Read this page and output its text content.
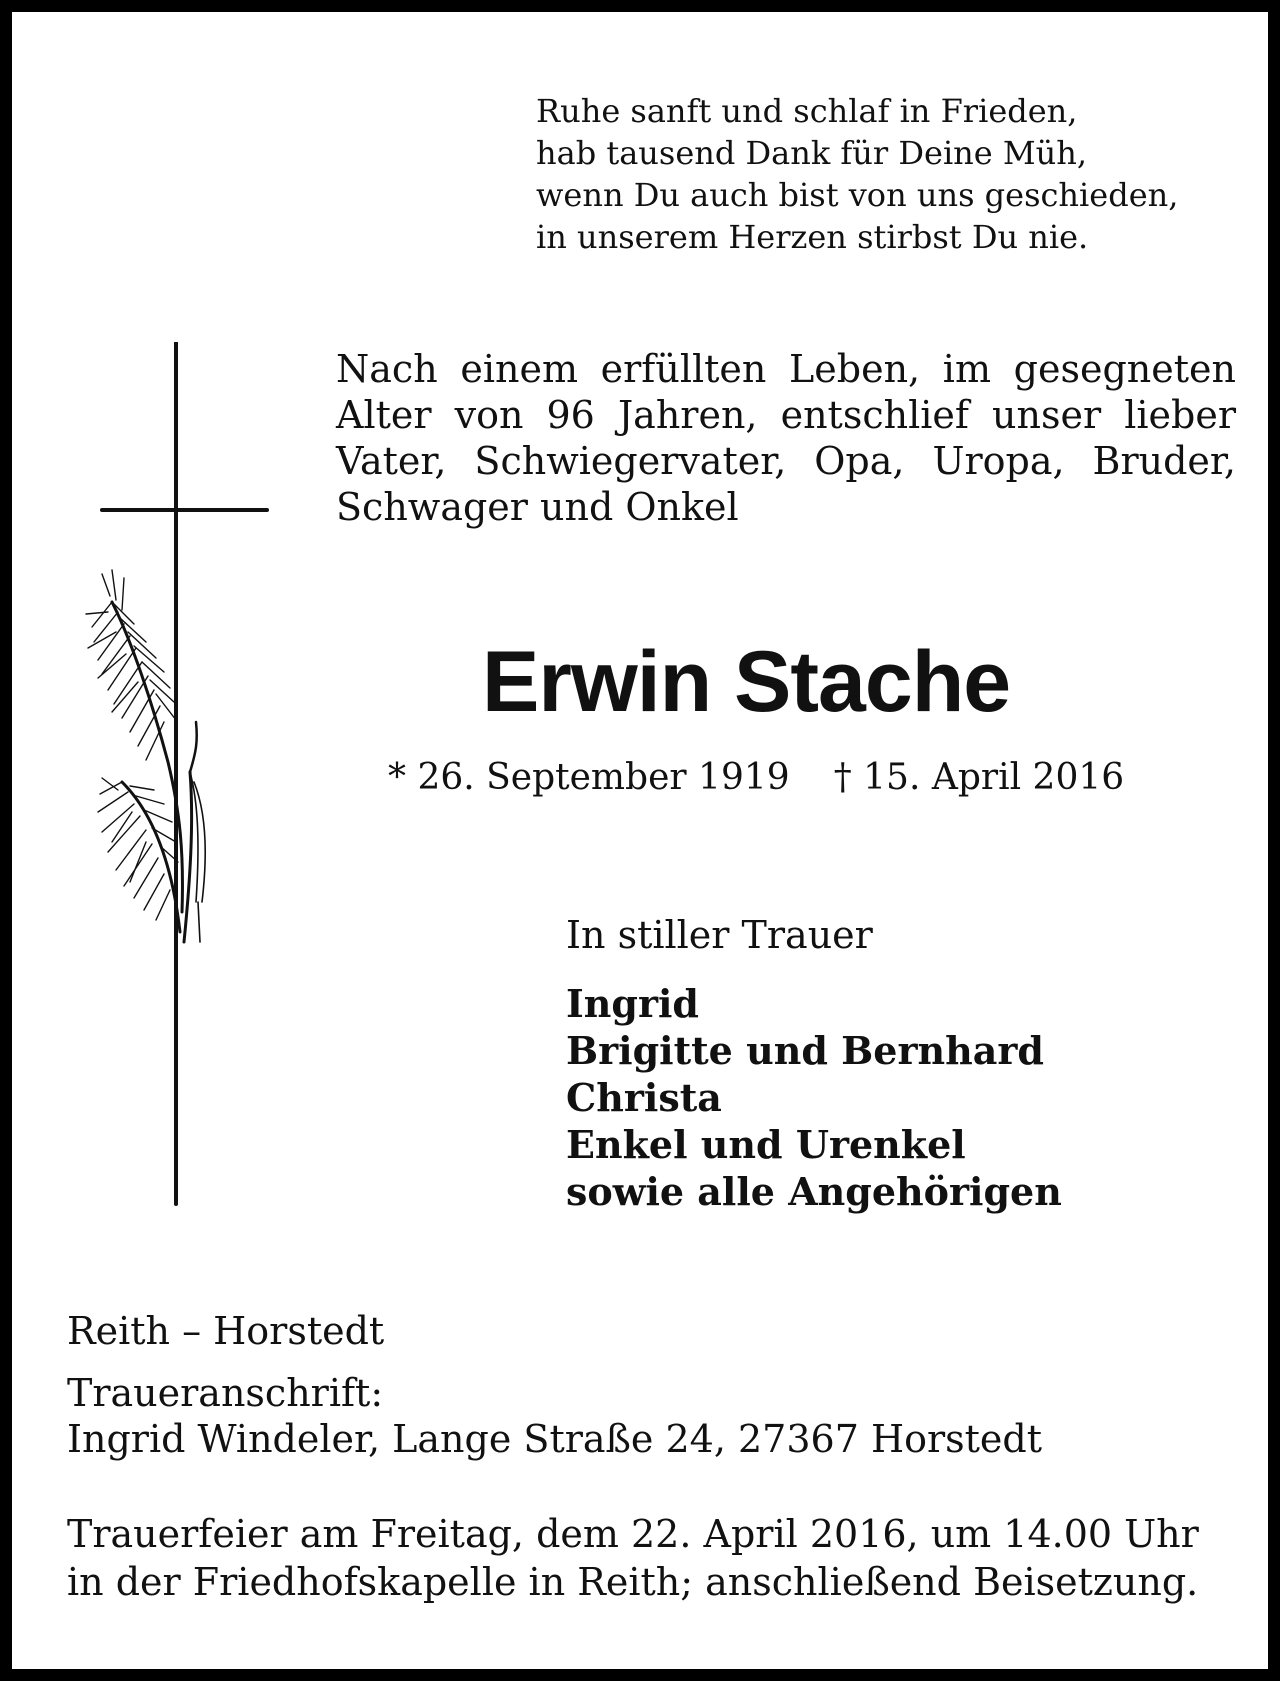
Ruhe sanft und schlaf in Frieden,
hab tausend Dank für Deine Müh,
wenn Du auch bist von uns geschieden,
in unserem Herzen stirbst Du nie.
Nach einem erfüllten Leben, im gesegneten
Alter von 96 Jahren, entschlief unser lieber
Vater, Schwiegervater, Opa, Uropa, Bruder,
Schwager und Onkel
Erwin Stache
* 26. September 1919 † 15. April 2016
In stiller Trauer
Ingrid
Brigitte und Bernhard
Christa
Enkel und Urenkel
sowie alle Angehörigen
Reith – Horstedt
Traueranschrift:
Ingrid Windeler, Lange Straße 24, 27367 Horstedt
Trauerfeier am Freitag, dem 22. April 2016, um 14.00 Uhr
in der Friedhofskapelle in Reith; anschließend Beisetzung.
